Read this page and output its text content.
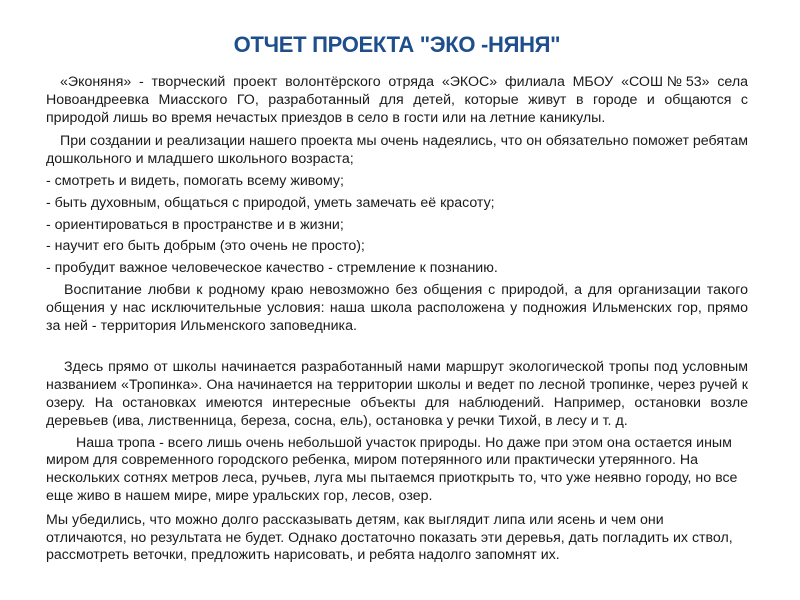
ОТЧЕТ ПРОЕКТА "ЭКО -НЯНЯ"

«Эконяня» - творческий проект волонтёрского отряда «ЭКОС» филиала МБОУ «СОШ№53» села Новоандреевка Миасского ГО, разработанный для детей, которые живут в городе и общаются с природой лишь во время нечастых приездов в село в гости или на летние каникулы.

При создании и реализации нашего проекта мы очень надеялись, что он обязательно поможет ребятам дошкольного и младшего школьного возраста;

- смотреть и видеть, помогать всему живому;

- быть духовным, общаться с природой, уметь замечать её красоту;

- ориентироваться в пространстве и в жизни;

- научит его быть добрым (это очень не просто);

- пробудит важное человеческое качество - стремление к познанию.

Воспитание любви к родному краю невозможно без общения с природой, а для организации такого общения у нас исключительные условия: наша школа расположена у подножия Ильменских гор, прямо за ней - территория Ильменского заповедника.

Здесь прямо от школы начинается разработанный нами маршрут экологической тропы под условным названием «Тропинка». Она начинается на территории школы и ведет по лесной тропинке, через ручей к озеру. На остановках имеются интересные объекты для наблюдений. Например, остановки возле деревьев (ива, лиственница, береза, сосна, ель), остановка у речки Тихой, в лесу и т. д.

Наша тропа - всего лишь очень небольшой участок природы. Но даже при этом она остается иным миром для современного городского ребенка, миром потерянного или практически утерянного. На нескольких сотнях метров леса, ручьев, луга мы пытаемся приоткрыть то, что уже неявно городу, но все еще живо в нашем мире, мире уральских гор, лесов, озер.

Мы убедились, что можно долго рассказывать детям, как выглядит липа или ясень и чем они отличаются, но результата не будет. Однако достаточно показать эти деревья, дать погладить их ствол, рассмотреть веточки, предложить нарисовать, и ребята надолго запомнят их.
